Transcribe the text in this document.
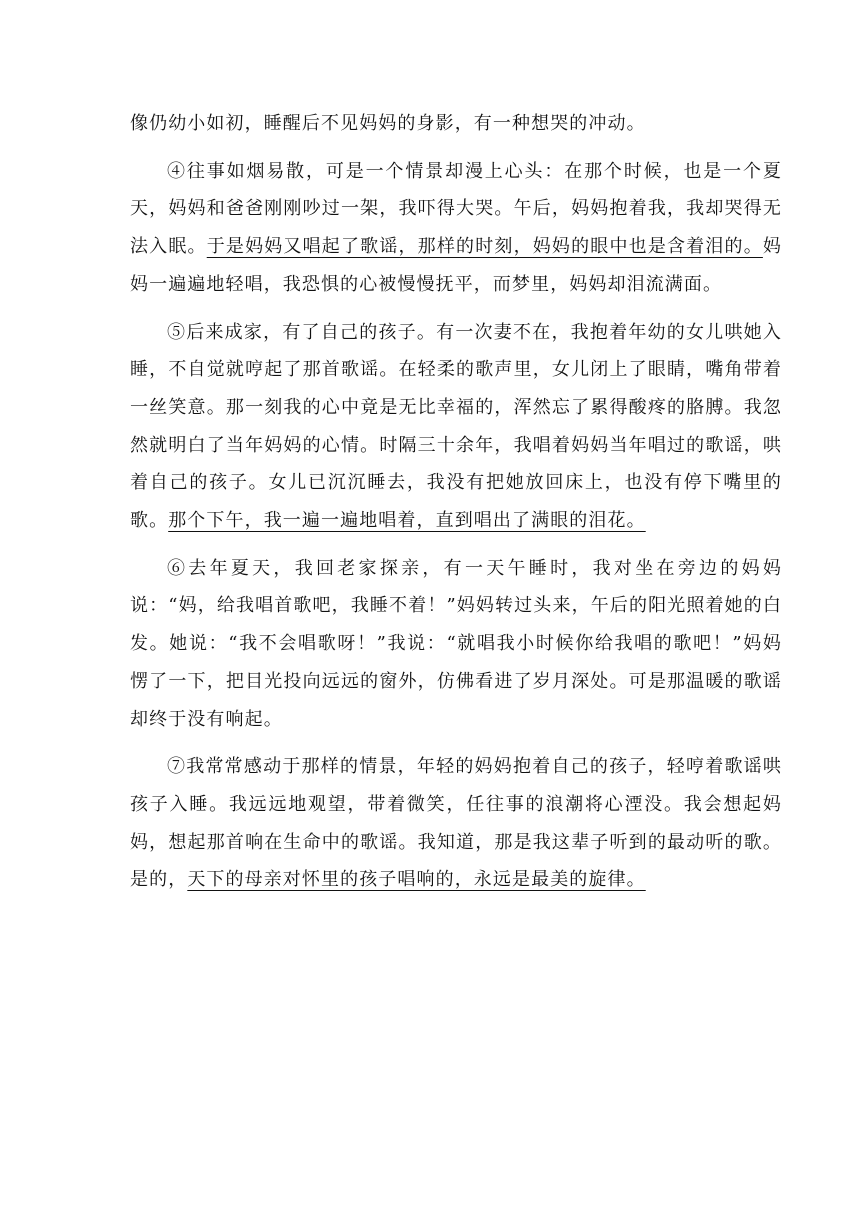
像仍幼小如初，睡醒后不见妈妈的身影，有一种想哭的冲动。

④往事如烟易散，可是一个情景却漫上心头：在那个时候，也是一个夏天，妈妈和爸爸刚刚吵过一架，我吓得大哭。午后，妈妈抱着我，我却哭得无法入眠。于是妈妈又唱起了歌谣，那样的时刻，妈妈的眼中也是含着泪的。妈妈一遍遍地轻唱，我恐惧的心被慢慢抚平，而梦里，妈妈却泪流满面。

⑤后来成家，有了自己的孩子。有一次妻不在，我抱着年幼的女儿哄她入睡，不自觉就哼起了那首歌谣。在轻柔的歌声里，女儿闭上了眼睛，嘴角带着一丝笑意。那一刻我的心中竟是无比幸福的，浑然忘了累得酸疼的胳膊。我忽然就明白了当年妈妈的心情。时隔三十余年，我唱着妈妈当年唱过的歌谣，哄着自己的孩子。女儿已沉沉睡去，我没有把她放回床上，也没有停下嘴里的歌。那个下午，我一遍一遍地唱着，直到唱出了满眼的泪花。

⑥去年夏天，我回老家探亲，有一天午睡时，我对坐在旁边的妈妈说：“妈，给我唱首歌吧，我睡不着！”妈妈转过头来，午后的阳光照着她的白发。她说：“我不会唱歌呀！”我说：“就唱我小时候你给我唱的歌吧！”妈妈愣了一下，把目光投向远远的窗外，仿佛看进了岁月深处。可是那温暖的歌谣却终于没有响起。

⑦我常常感动于那样的情景，年轻的妈妈抱着自己的孩子，轻哼着歌谣哄孩子入睡。我远远地观望，带着微笑，任往事的浪潮将心湮没。我会想起妈妈，想起那首响在生命中的歌谣。我知道，那是我这辈子听到的最动听的歌。是的，天下的母亲对怀里的孩子唱响的，永远是最美的旋律。
